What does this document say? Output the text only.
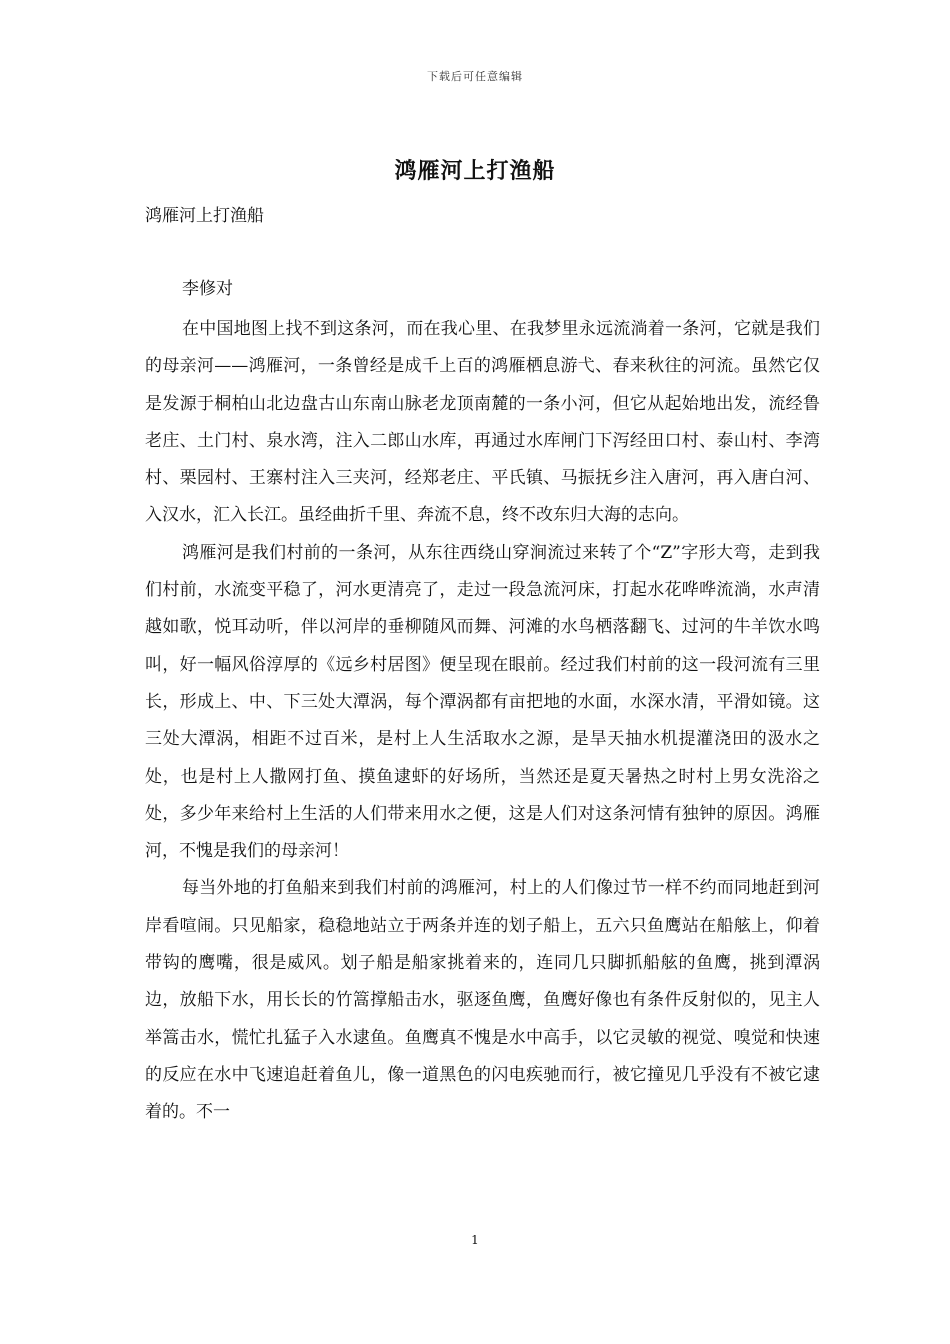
下载后可任意编辑
鸿雁河上打渔船
鸿雁河上打渔船
李修对

在中国地图上找不到这条河，而在我心里、在我梦里永远流淌着一条河，它就是我们的母亲河——鸿雁河，一条曾经是成千上百的鸿雁栖息游弋、春来秋往的河流。虽然它仅是发源于桐柏山北边盘古山东南山脉老龙顶南麓的一条小河，但它从起始地出发，流经鲁老庄、土门村、泉水湾，注入二郎山水库，再通过水库闸门下泻经田口村、泰山村、李湾村、栗园村、王寨村注入三夹河，经郑老庄、平氏镇、马振抚乡注入唐河，再入唐白河、入汉水，汇入长江。虽经曲折千里、奔流不息，终不改东归大海的志向。

鸿雁河是我们村前的一条河，从东往西绕山穿涧流过来转了个“Z”字形大弯，走到我们村前，水流变平稳了，河水更清亮了，走过一段急流河床，打起水花哗哗流淌，水声清越如歌，悦耳动听，伴以河岸的垂柳随风而舞、河滩的水鸟栖落翻飞、过河的牛羊饮水鸣叫，好一幅风俗淳厚的《远乡村居图》便呈现在眼前。经过我们村前的这一段河流有三里长，形成上、中、下三处大潭涡，每个潭涡都有亩把地的水面，水深水清，平滑如镜。这三处大潭涡，相距不过百米，是村上人生活取水之源，是旱天抽水机提灌浇田的汲水之处，也是村上人撒网打鱼、摸鱼逮虾的好场所，当然还是夏天暑热之时村上男女洗浴之处，多少年来给村上生活的人们带来用水之便，这是人们对这条河情有独钟的原因。鸿雁河，不愧是我们的母亲河！

每当外地的打鱼船来到我们村前的鸿雁河，村上的人们像过节一样不约而同地赶到河岸看喧闹。只见船家，稳稳地站立于两条并连的划子船上，五六只鱼鹰站在船舷上，仰着带钩的鹰嘴，很是威风。划子船是船家挑着来的，连同几只脚抓船舷的鱼鹰，挑到潭涡边，放船下水，用长长的竹篙撑船击水，驱逐鱼鹰，鱼鹰好像也有条件反射似的，见主人举篙击水，慌忙扎猛子入水逮鱼。鱼鹰真不愧是水中高手，以它灵敏的视觉、嗅觉和快速的反应在水中飞速追赶着鱼儿，像一道黑色的闪电疾驰而行，被它撞见几乎没有不被它逮着的。不一

1
